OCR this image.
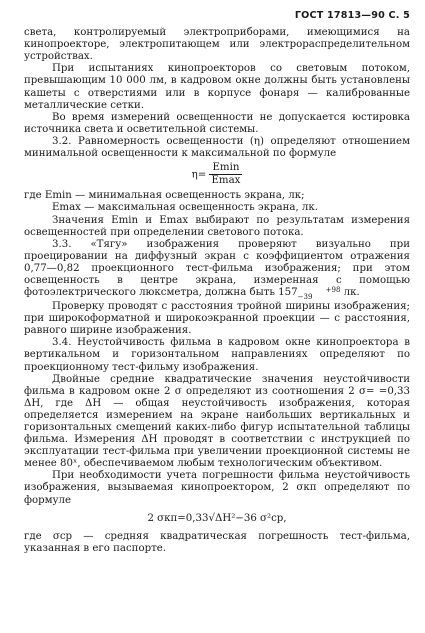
ГОСТ 17813—90 С. 5

света, контролируемый электроприборами, имеющимися на кинопроекторе, электропитающем или электрораспределительном устройствах.

При испытаниях кинопроекторов со световым потоком, превышающим 10 000 лм, в кадровом окне должны быть установлены кашеты с отверстиями или в корпусе фонаря — калиброванные металлические сетки.

Во время измерений освещенности не допускается юстировка источника света и осветительной системы.

3.2. Равномерность освещенности (η) определяют отношением минимальной освещенности к максимальной по формуле

$\eta= \frac{Emin}{Emax}$

где Emin — минимальная освещенность экрана, лк;

Emax — максимальная освещенность экрана, лк.

Значения Emin и Emax выбирают по результатам измерения освещенностей при определении светового потока.

3.3. «Тягу» изображения проверяют визуально при проецировании на диффузный экран с коэффициентом отражения 0,77—0,82 проекционного тест-фильма изображения; при этом освещенность в центре экрана, измеренная с помощью фотоэлектрического люксметра, должна быть 157	+98
−39	лк.

Проверку проводят с расстояния тройной ширины изображения; при широкоформатной и широкоэкранной проекции — с расстояния, равного ширине изображения.

3.4. Неустойчивость фильма в кадровом окне кинопроектора в вертикальном и горизонтальном направлениях определяют по проекционному тест-фильму изображения.

Двойные средние квадратические значения неустойчивости фильма в кадровом окне 2 σ определяют из соотношения 2 σ= =0,33 ΔH, где ΔH — общая неустойчивость изображения, которая определяется измерением на экране наибольших вертикальных и горизонтальных смещений каких-либо фигур испытательной таблицы фильма. Измерения ΔH проводят в соответствии с инструкцией по эксплуатации тест-фильма при увеличении проекционной системы не менее 80ˣ, обеспечиваемом любым технологическим объективом.

При необходимости учета погрешности фильма неустойчивость изображения, вызываемая кинопроектором, 2 σкп определяют по формуле

2 σкп=0,33√ΔH²−36 σ²ср,

где σср — средняя квадратическая погрешность тест-фильма, указанная в его паспорте.
